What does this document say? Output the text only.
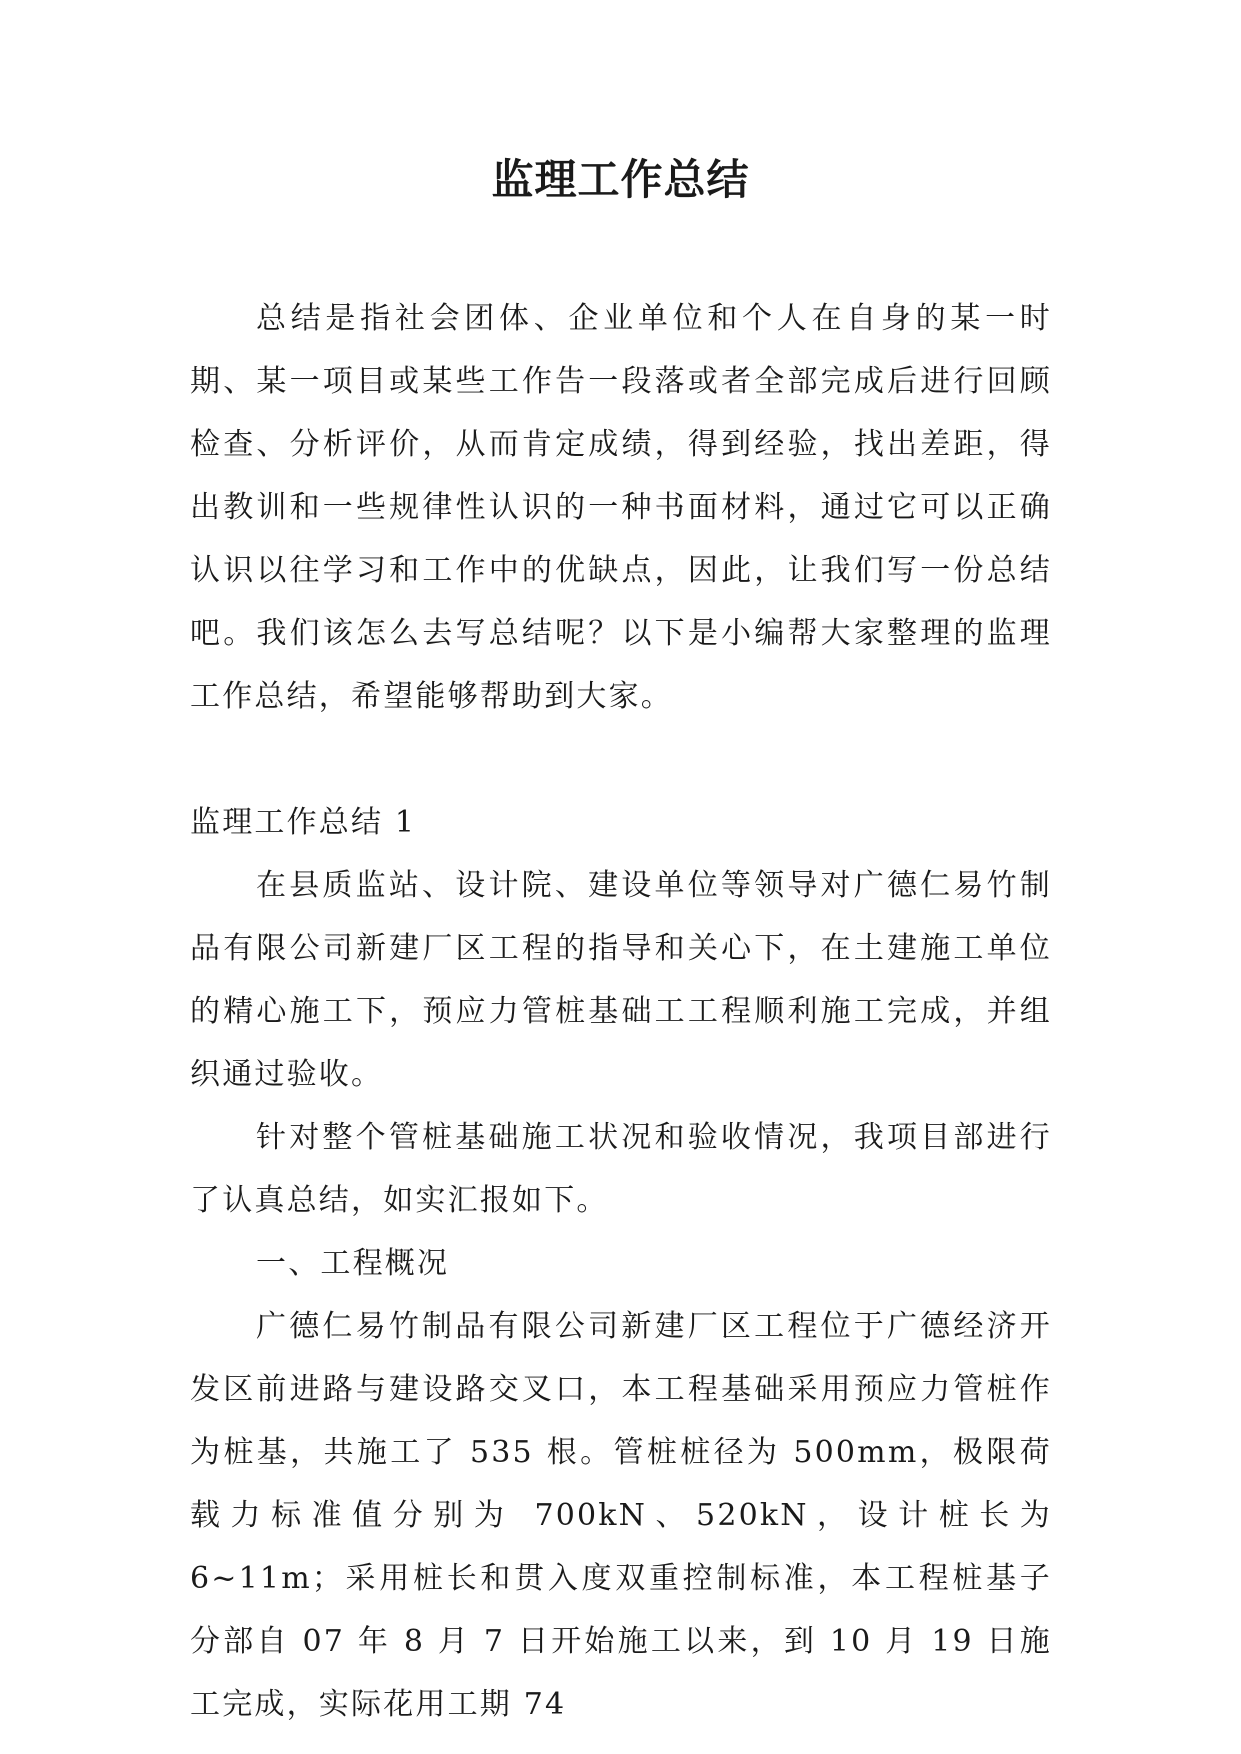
监理工作总结

总结是指社会团体、企业单位和个人在自身的某一时期、某一项目或某些工作告一段落或者全部完成后进行回顾检查、分析评价，从而肯定成绩，得到经验，找出差距，得出教训和一些规律性认识的一种书面材料，通过它可以正确认识以往学习和工作中的优缺点，因此，让我们写一份总结吧。我们该怎么去写总结呢？以下是小编帮大家整理的监理工作总结，希望能够帮助到大家。

监理工作总结 1

在县质监站、设计院、建设单位等领导对广德仁易竹制品有限公司新建厂区工程的指导和关心下，在土建施工单位的精心施工下，预应力管桩基础工工程顺利施工完成，并组织通过验收。

针对整个管桩基础施工状况和验收情况，我项目部进行了认真总结，如实汇报如下。

一、工程概况

广德仁易竹制品有限公司新建厂区工程位于广德经济开发区前进路与建设路交叉口，本工程基础采用预应力管桩作为桩基，共施工了 535 根。管桩桩径为 500mm，极限荷载力标准值分别为 700kN、520kN，设计桩长为 6~11m；采用桩长和贯入度双重控制标准，本工程桩基子分部自 07 年 8 月 7 日开始施工以来，到 10 月 19 日施工完成，实际花用工期 74
